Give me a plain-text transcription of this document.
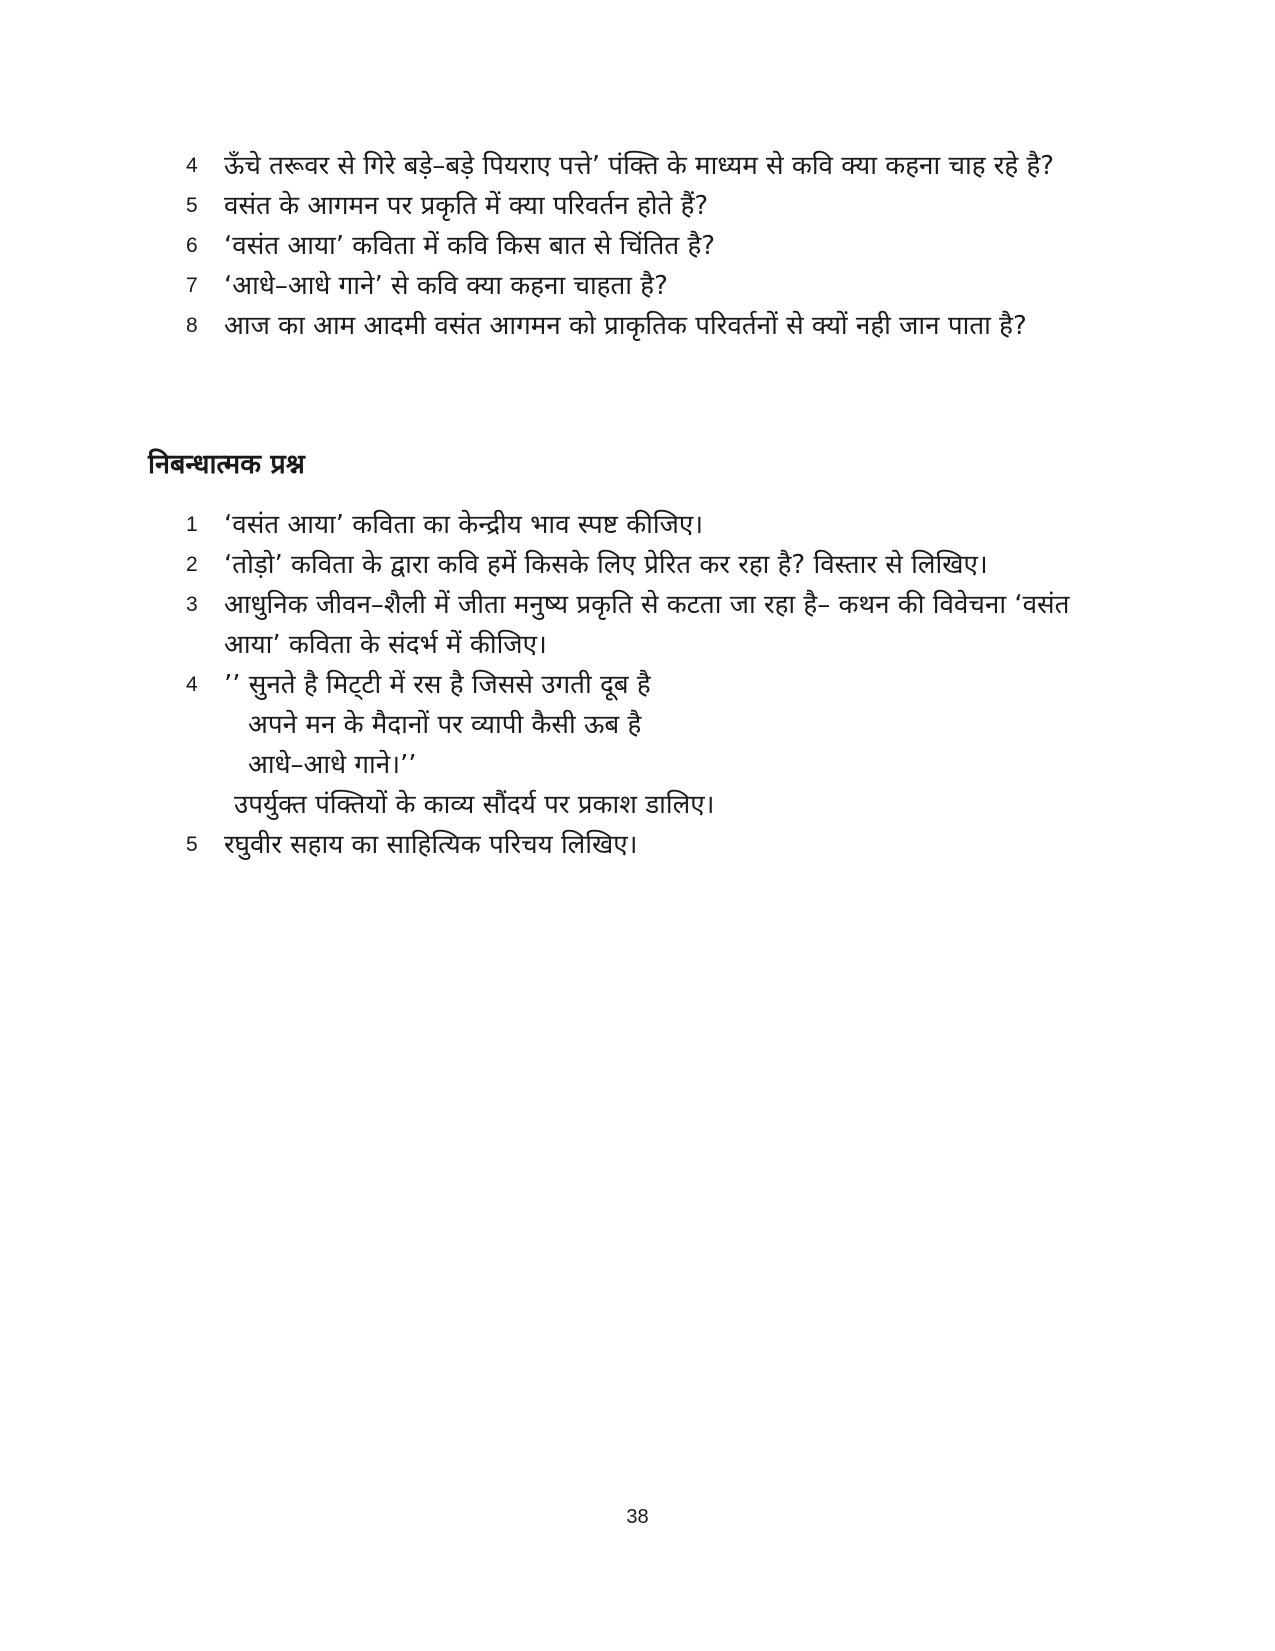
4	ऊँचे तरूवर से गिरे बड़े–बड़े पियराए पत्ते’ पंक्ति के माध्यम से कवि क्या कहना चाह रहे है?
5	वसंत के आगमन पर प्रकृति में क्या परिवर्तन होते हैं?
6	‘वसंत आया’ कविता में कवि किस बात से चिंतित है?
7	‘आधे–आधे गाने’ से कवि क्या कहना चाहता है?
8	आज का आम आदमी वसंत आगमन को प्राकृतिक परिवर्तनों से क्यों नही जान पाता है?
निबन्धात्मक प्रश्न
1	‘वसंत आया’ कविता का केन्द्रीय भाव स्पष्ट कीजिए।
2	‘तोड़ो’ कविता के द्वारा कवि हमें किसके लिए प्रेरित कर रहा है? विस्तार से लिखिए।
3	आधुनिक जीवन–शैली में जीता मनुष्य प्रकृति से कटता जा रहा है– कथन की विवेचना ‘वसंत आया’ कविता के संदर्भ में कीजिए।
4	’’ सुनते है मिट्‌टी में रस है जिससे उगती दूब है
अपने मन के मैदानों पर व्यापी कैसी ऊब है
आधे–आधे गाने।’’
उपर्युक्त पंक्तियों के काव्य सौंदर्य पर प्रकाश डालिए।
5	रघुवीर सहाय का साहित्यिक परिचय लिखिए।
38
